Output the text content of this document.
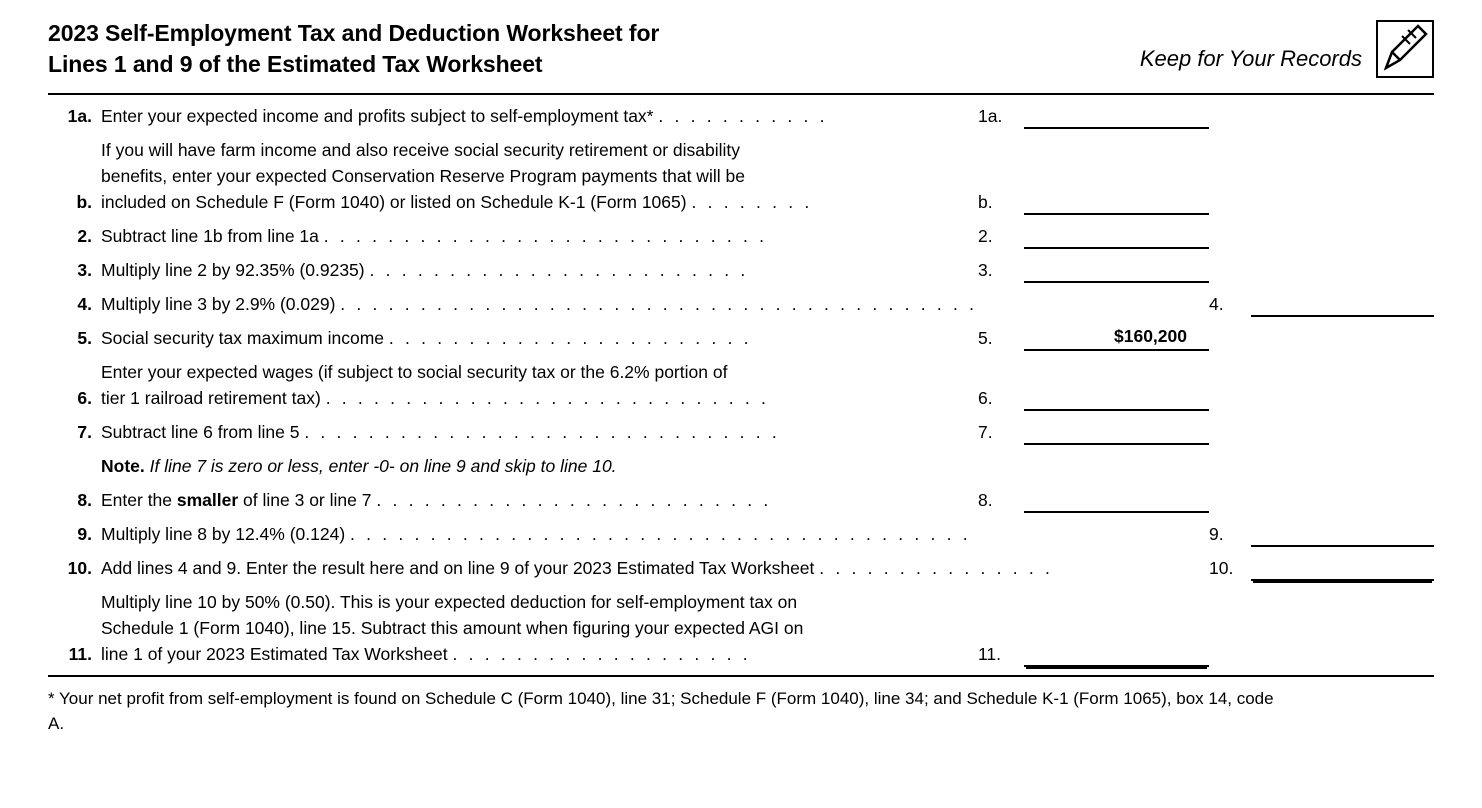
2023 Self-Employment Tax and Deduction Worksheet for
Lines 1 and 9 of the Estimated Tax Worksheet	Keep for Your Records
1a. Enter your expected income and profits subject to self-employment tax* . . . . . . . . . . .	1a.
b.
If you will have farm income and also receive social security retirement or disability
benefits, enter your expected Conservation Reserve Program payments that will be
included on Schedule F (Form 1040) or listed on Schedule K-1 (Form 1065) . . . . . . . .	b.
2. Subtract line 1b from line 1a . . . . . . . . . . . . . . . . . . . . . . . . . . . .	2.
3. Multiply line 2 by 92.35% (0.9235) . . . . . . . . . . . . . . . . . . . . . . . .	3.
4. Multiply line 3 by 2.9% (0.029) . . . . . . . . . . . . . . . . . . . . . . . . . . . . . . . . . . . . . . . .	4.
5. Social security tax maximum income . . . . . . . . . . . . . . . . . . . . . . .	5.	$160,200
6.
Enter your expected wages (if subject to social security tax or the 6.2% portion of
tier 1 railroad retirement tax) . . . . . . . . . . . . . . . . . . . . . . . . . . . .	6.
7. Subtract line 6 from line 5 . . . . . . . . . . . . . . . . . . . . . . . . . . . . . .	7.
Note. If line 7 is zero or less, enter -0- on line 9 and skip to line 10.
8. Enter the smaller of line 3 or line 7 . . . . . . . . . . . . . . . . . . . . . . . . .	8.
9. Multiply line 8 by 12.4% (0.124) . . . . . . . . . . . . . . . . . . . . . . . . . . . . . . . . . . . . . . .	9.
10. Add lines 4 and 9. Enter the result here and on line 9 of your 2023 Estimated Tax Worksheet . . . . . . . . . . . . . . .	10.
11.
Multiply line 10 by 50% (0.50). This is your expected deduction for self-employment tax on
Schedule 1 (Form 1040), line 15. Subtract this amount when figuring your expected AGI on
line 1 of your 2023 Estimated Tax Worksheet . . . . . . . . . . . . . . . . . . .	11.
* Your net profit from self-employment is found on Schedule C (Form 1040), line 31; Schedule F (Form 1040), line 34; and Schedule K-1 (Form 1065), box 14, code
A.
